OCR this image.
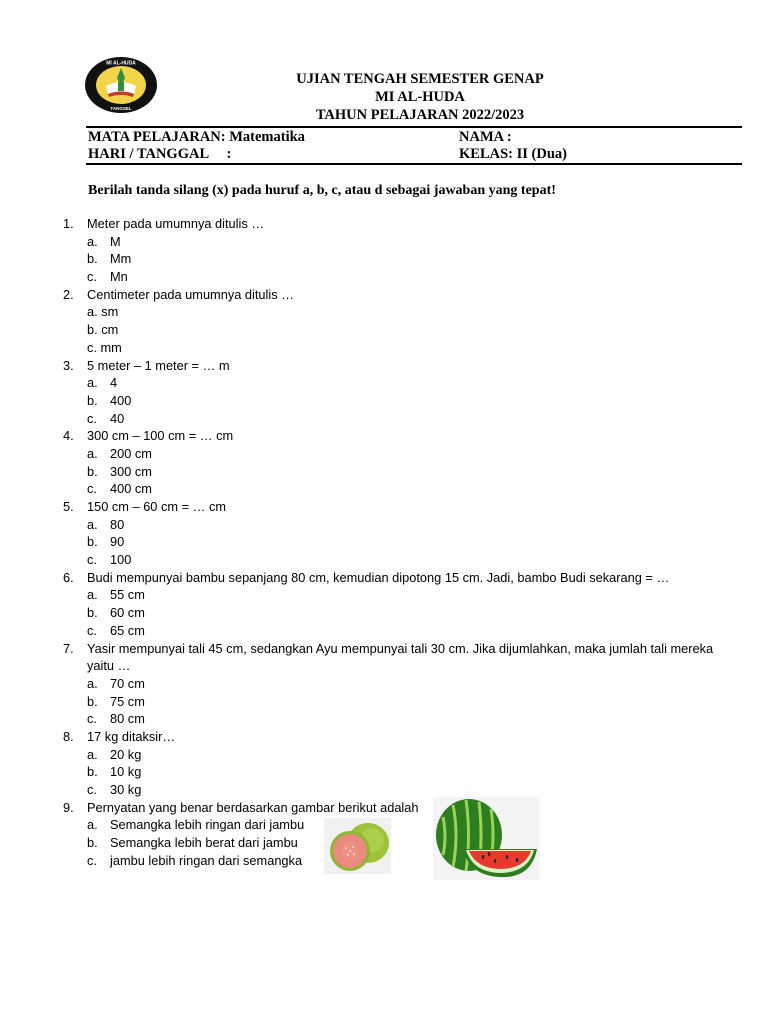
MI AL-HUDA
TANGSEL
UJIAN TENGAH SEMESTER GENAP
MI AL-HUDA
TAHUN PELAJARAN 2022/2023
MATA PELAJARAN: Matematika
HARI / TANGGAL     :
NAMA :
KELAS: II (Dua)
Berilah tanda silang (x) pada huruf a, b, c, atau d sebagai jawaban yang tepat!
1. Meter pada umumnya ditulis …
a. M
b. Mm
c. Mn
2. Centimeter pada umumnya ditulis …
a. sm
b. cm
c. mm
3. 5 meter – 1 meter = … m
a. 4
b. 400
c. 40
4. 300 cm – 100 cm = … cm
a. 200 cm
b. 300 cm
c. 400 cm
5. 150 cm – 60 cm = … cm
a. 80
b. 90
c. 100
6. Budi mempunyai bambu sepanjang 80 cm, kemudian dipotong 15 cm. Jadi, bambo Budi sekarang = …
a. 55 cm
b. 60 cm
c. 65 cm
7. Yasir mempunyai tali 45 cm, sedangkan Ayu mempunyai tali 30 cm. Jika dijumlahkan, maka jumlah tali mereka
yaitu …
a. 70 cm
b. 75 cm
c. 80 cm
8. 17 kg ditaksir…
a. 20 kg
b. 10 kg
c. 30 kg
9. Pernyatan yang benar berdasarkan gambar berikut adalah
a. Semangka lebih ringan dari jambu
b. Semangka lebih berat dari jambu
c. jambu lebih ringan dari semangka
